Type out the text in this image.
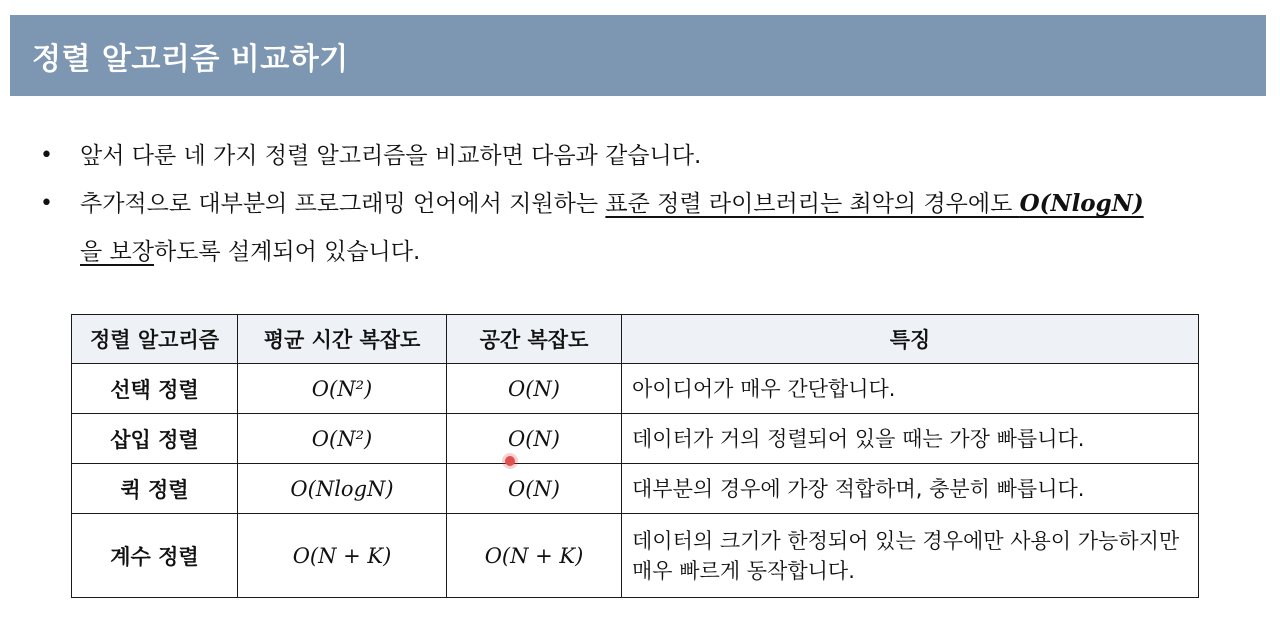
정렬 알고리즘 비교하기
• 앞서 다룬 네 가지 정렬 알고리즘을 비교하면 다음과 같습니다.
• 추가적으로 대부분의 프로그래밍 언어에서 지원하는 표준 정렬 라이브러리는 최악의 경우에도 O(NlogN)
을 보장하도록 설계되어 있습니다.
정렬 알고리즘	평균 시간 복잡도	공간 복잡도	특징
선택 정렬	O(N²)	O(N)	아이디어가 매우 간단합니다.
삽입 정렬	O(N²)	O(N)	데이터가 거의 정렬되어 있을 때는 가장 빠릅니다.
퀵 정렬	O(NlogN)	O(N)	대부분의 경우에 가장 적합하며, 충분히 빠릅니다.
계수 정렬	O(N + K)	O(N + K)	데이터의 크기가 한정되어 있는 경우에만 사용이 가능하지만 매우 빠르게 동작합니다.
